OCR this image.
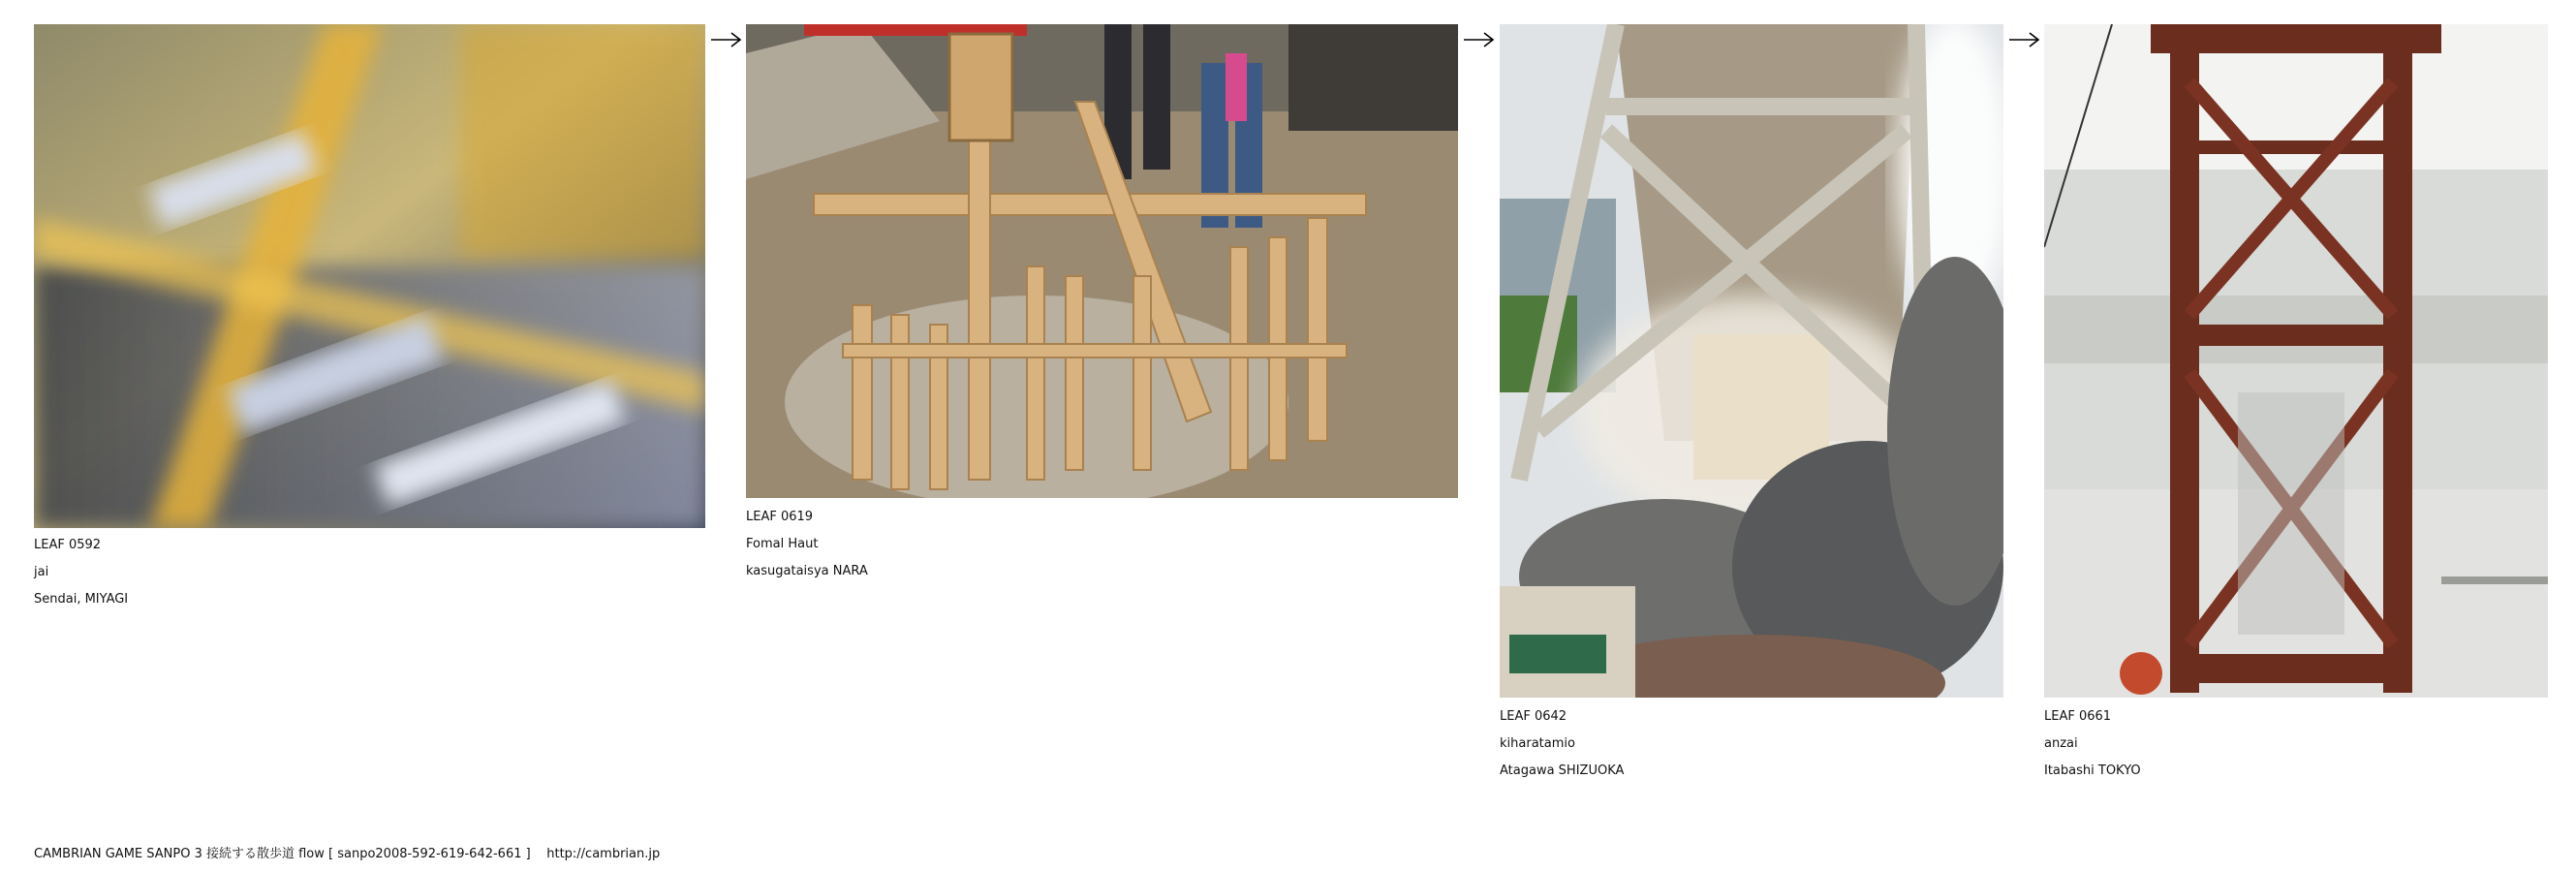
LEAF 0592
jai
Sendai, MIYAGI
LEAF 0619
Fomal Haut
kasugataisya NARA
LEAF 0642
kiharatamio
Atagawa SHIZUOKA
LEAF 0661
anzai
Itabashi TOKYO
CAMBRIAN GAME SANPO 3 接続する散歩道 flow [ sanpo2008-592-619-642-661 ] http://cambrian.jp
